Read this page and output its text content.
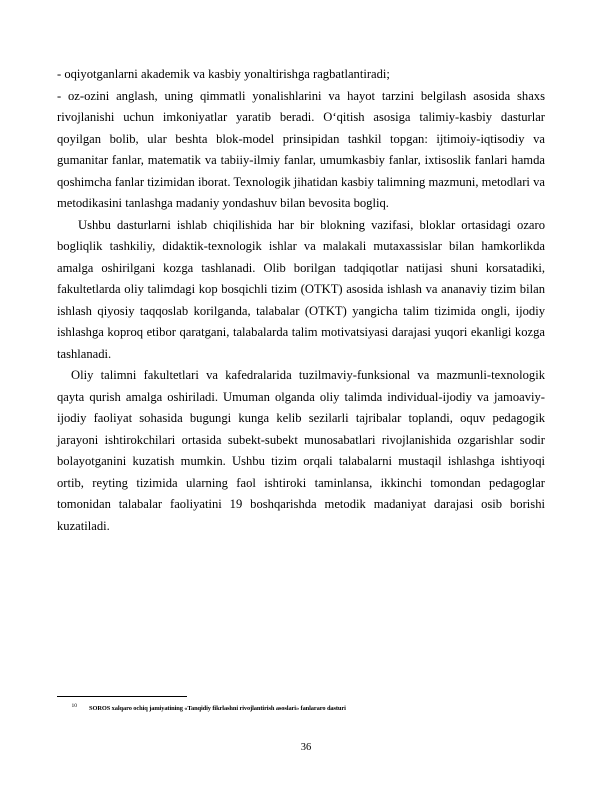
- oqiyotganlarni akademik va kasbiy yonaltirishga ragbatlantiradi;

- oz-ozini anglash, uning qimmatli yonalishlarini va hayot tarzini belgilash asosida shaxs rivojlanishi uchun imkoniyatlar yaratib beradi. O‘qitish asosiga talimiy-kasbiy dasturlar qoyilgan bolib, ular beshta blok-model prinsipidan tashkil topgan: ijtimoiy-iqtisodiy va gumanitar fanlar, matematik va tabiiy-ilmiy fanlar, umumkasbiy fanlar, ixtisoslik fanlari hamda qoshimcha fanlar tizimidan iborat. Texnologik jihatidan kasbiy talimning mazmuni, metodlari va metodikasini tanlashga madaniy yondashuv bilan bevosita bogliq.

Ushbu dasturlarni ishlab chiqilishida har bir blokning vazifasi, bloklar ortasidagi ozaro bogliqlik tashkiliy, didaktik-texnologik ishlar va malakali mutaxassislar bilan hamkorlikda amalga oshirilgani kozga tashlanadi. Olib borilgan tadqiqotlar natijasi shuni korsatadiki, fakultetlarda oliy talimdagi kop bosqichli tizim (OTKT) asosida ishlash va ananaviy tizim bilan ishlash qiyosiy taqqoslab korilganda, talabalar (OTKT) yangicha talim tizimida ongli, ijodiy ishlashga koproq etibor qaratgani, talabalarda talim motivatsiyasi darajasi yuqori ekanligi kozga tashlanadi.

Oliy talimni fakultetlari va kafedralarida tuzilmaviy-funksional va mazmunli-texnologik qayta qurish amalga oshiriladi. Umuman olganda oliy talimda individual-ijodiy va jamoaviy-ijodiy faoliyat sohasida bugungi kunga kelib sezilarli tajribalar toplandi, oquv pedagogik jarayoni ishtirokchilari ortasida subekt-subekt munosabatlari rivojlanishida ozgarishlar sodir bolayotganini kuzatish mumkin. Ushbu tizim orqali talabalarni mustaqil ishlashga ishtiyoqi ortib, reyting tizimida ularning faol ishtiroki taminlansa, ikkinchi tomondan pedagoglar tomonidan talabalar faoliyatini 19 boshqarishda metodik madaniyat darajasi osib borishi kuzatiladi.

10 SOROS xalqaro ochiq jamiyatining «Tanqidiy fikrlashni rivojlantirish asoslari» fanlararo dasturi
36
